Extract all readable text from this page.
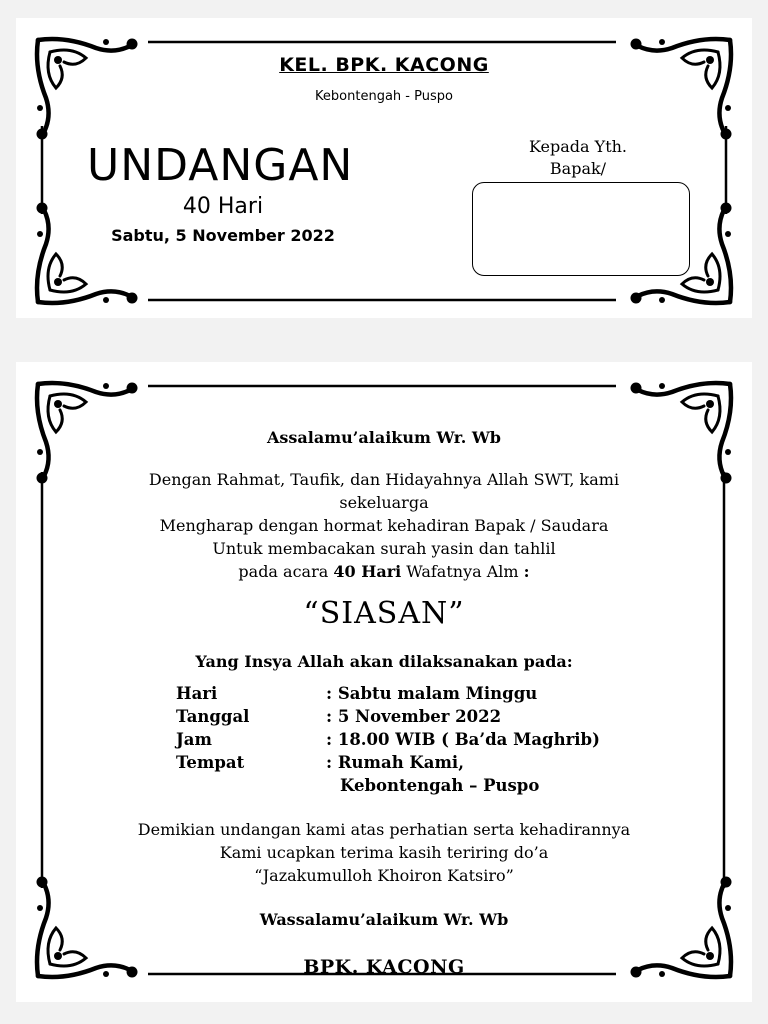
KEL. BPK. KACONG
Kebontengah - Puspo
UNDANGAN
40 Hari
Sabtu, 5 November 2022
Kepada Yth.
Bapak/
Assalamu’alaikum Wr. Wb
Dengan Rahmat, Taufik, dan Hidayahnya Allah SWT, kami
sekeluarga
Mengharap dengan hormat kehadiran Bapak / Saudara
Untuk membacakan surah yasin dan tahlil
pada acara 40 Hari Wafatnya Alm :
“SIASAN”
Yang Insya Allah akan dilaksanakan pada:
Hari	: Sabtu malam Minggu
Tanggal	: 5 November 2022
Jam	: 18.00 WIB ( Ba’da Maghrib)
Tempat	: Rumah Kami,
Kebontengah – Puspo
Demikian undangan kami atas perhatian serta kehadirannya
Kami ucapkan terima kasih teriring do’a
“Jazakumulloh Khoiron Katsiro”
Wassalamu’alaikum Wr. Wb
BPK. KACONG
